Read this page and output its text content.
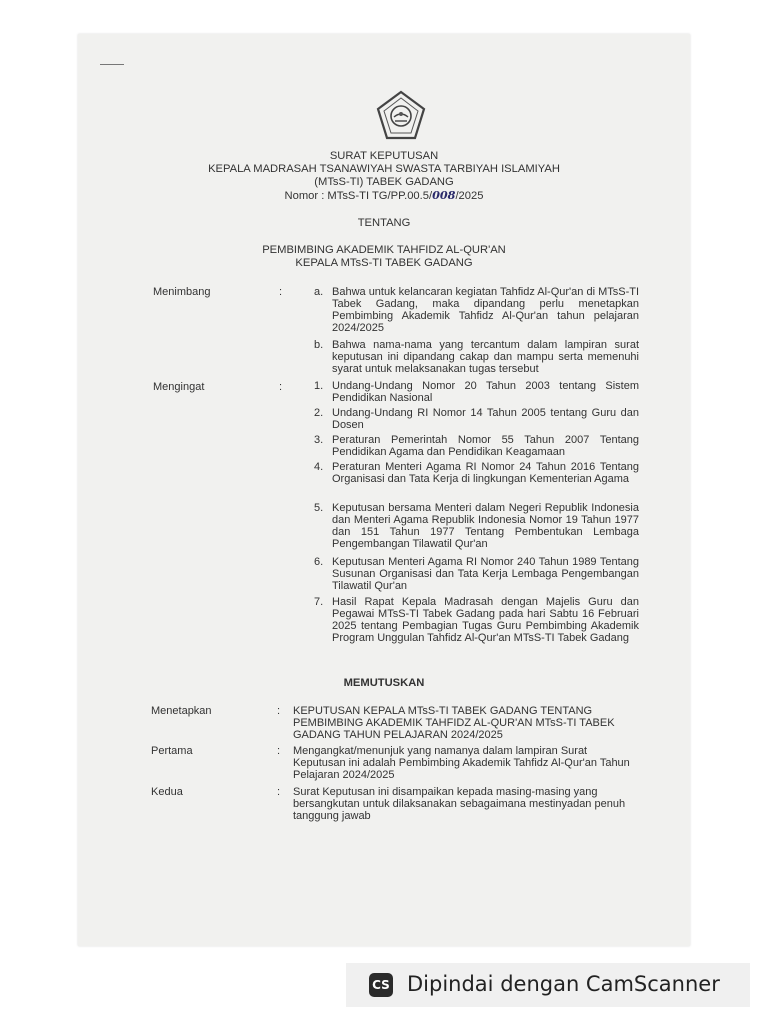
SURAT KEPUTUSAN
KEPALA MADRASAH TSANAWIYAH SWASTA TARBIYAH ISLAMIYAH
(MTsS-TI) TABEK GADANG
Nomor : MTsS-TI TG/PP.00.5/008/2025
TENTANG
PEMBIMBING AKADEMIK TAHFIDZ AL-QUR'AN
KEPALA MTsS-TI TABEK GADANG
Menimbang	:	a. Bahwa untuk kelancaran kegiatan Tahfidz Al-Qur'an di MTsS-TI Tabek Gadang, maka dipandang perlu menetapkan Pembimbing Akademik Tahfidz Al-Qur'an tahun pelajaran 2024/2025
b. Bahwa nama-nama yang tercantum dalam lampiran surat keputusan ini dipandang cakap dan mampu serta memenuhi syarat untuk melaksanakan tugas tersebut
Mengingat	:	1. Undang-Undang Nomor 20 Tahun 2003 tentang Sistem Pendidikan Nasional
2. Undang-Undang RI Nomor 14 Tahun 2005 tentang Guru dan Dosen
3. Peraturan Pemerintah Nomor 55 Tahun 2007 Tentang Pendidikan Agama dan Pendidikan Keagamaan
4. Peraturan Menteri Agama RI Nomor 24 Tahun 2016 Tentang Organisasi dan Tata Kerja di lingkungan Kementerian Agama
5. Keputusan bersama Menteri dalam Negeri Republik Indonesia dan Menteri Agama Republik Indonesia Nomor 19 Tahun 1977 dan 151 Tahun 1977 Tentang Pembentukan Lembaga Pengembangan Tilawatil Qur'an
6. Keputusan Menteri Agama RI Nomor 240 Tahun 1989 Tentang Susunan Organisasi dan Tata Kerja Lembaga Pengembangan Tilawatil Qur'an
7. Hasil Rapat Kepala Madrasah dengan Majelis Guru dan Pegawai MTsS-TI Tabek Gadang pada hari Sabtu 16 Februari 2025 tentang Pembagian Tugas Guru Pembimbing Akademik Program Unggulan Tahfidz Al-Qur'an MTsS-TI Tabek Gadang
MEMUTUSKAN
Menetapkan	: KEPUTUSAN KEPALA MTsS-TI TABEK GADANG TENTANG PEMBIMBING AKADEMIK TAHFIDZ AL-QUR'AN MTsS-TI TABEK GADANG TAHUN PELAJARAN 2024/2025
Pertama	: Mengangkat/menunjuk yang namanya dalam lampiran Surat Keputusan ini adalah Pembimbing Akademik Tahfidz Al-Qur'an Tahun Pelajaran 2024/2025
Kedua	: Surat Keputusan ini disampaikan kepada masing-masing yang bersangkutan untuk dilaksanakan sebagaimana mestinyadan penuh tanggung jawab
CS Dipindai dengan CamScanner
